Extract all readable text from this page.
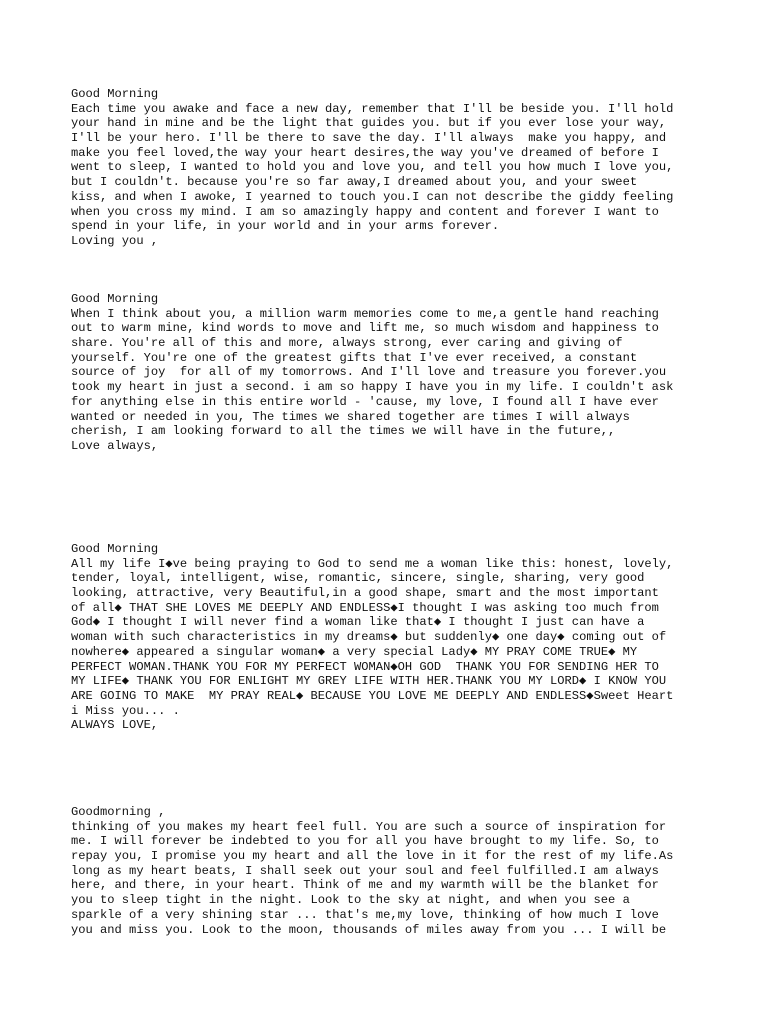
Good Morning
Each time you awake and face a new day, remember that I'll be beside you. I'll hold
your hand in mine and be the light that guides you. but if you ever lose your way,
I'll be your hero. I'll be there to save the day. I'll always  make you happy, and
make you feel loved,the way your heart desires,the way you've dreamed of before I
went to sleep, I wanted to hold you and love you, and tell you how much I love you,
but I couldn't. because you're so far away,I dreamed about you, and your sweet
kiss, and when I awoke, I yearned to touch you.I can not describe the giddy feeling
when you cross my mind. I am so amazingly happy and content and forever I want to
spend in your life, in your world and in your arms forever.
Loving you ,
Good Morning
When I think about you, a million warm memories come to me,a gentle hand reaching
out to warm mine, kind words to move and lift me, so much wisdom and happiness to
share. You're all of this and more, always strong, ever caring and giving of
yourself. You're one of the greatest gifts that I've ever received, a constant
source of joy  for all of my tomorrows. And I'll love and treasure you forever.you
took my heart in just a second. i am so happy I have you in my life. I couldn't ask
for anything else in this entire world - 'cause, my love, I found all I have ever
wanted or needed in you, The times we shared together are times I will always
cherish, I am looking forward to all the times we will have in the future,,
Love always,
Good Morning
All my life I◆ve being praying to God to send me a woman like this: honest, lovely,
tender, loyal, intelligent, wise, romantic, sincere, single, sharing, very good
looking, attractive, very Beautiful,in a good shape, smart and the most important
of all◆ THAT SHE LOVES ME DEEPLY AND ENDLESS◆I thought I was asking too much from
God◆ I thought I will never find a woman like that◆ I thought I just can have a
woman with such characteristics in my dreams◆ but suddenly◆ one day◆ coming out of
nowhere◆ appeared a singular woman◆ a very special Lady◆ MY PRAY COME TRUE◆ MY
PERFECT WOMAN.THANK YOU FOR MY PERFECT WOMAN◆OH GOD  THANK YOU FOR SENDING HER TO
MY LIFE◆ THANK YOU FOR ENLIGHT MY GREY LIFE WITH HER.THANK YOU MY LORD◆ I KNOW YOU
ARE GOING TO MAKE  MY PRAY REAL◆ BECAUSE YOU LOVE ME DEEPLY AND ENDLESS◆Sweet Heart
i Miss you... .
ALWAYS LOVE,
Goodmorning ,
thinking of you makes my heart feel full. You are such a source of inspiration for
me. I will forever be indebted to you for all you have brought to my life. So, to
repay you, I promise you my heart and all the love in it for the rest of my life.As
long as my heart beats, I shall seek out your soul and feel fulfilled.I am always
here, and there, in your heart. Think of me and my warmth will be the blanket for
you to sleep tight in the night. Look to the sky at night, and when you see a
sparkle of a very shining star ... that's me,my love, thinking of how much I love
you and miss you. Look to the moon, thousands of miles away from you ... I will be
